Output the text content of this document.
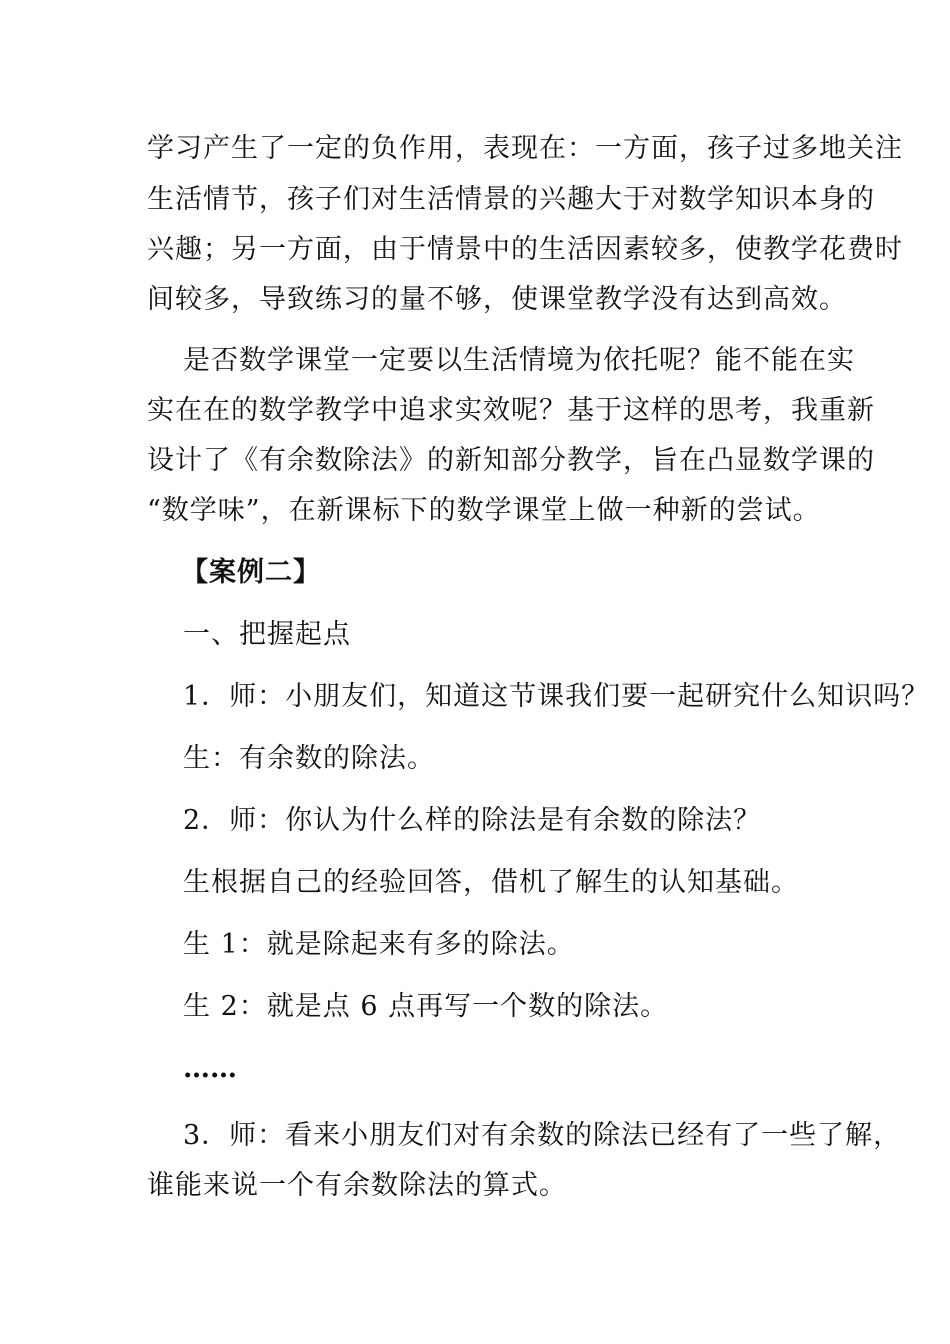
学习产生了一定的负作用，表现在：一方面，孩子过多地关注
生活情节，孩子们对生活情景的兴趣大于对数学知识本身的
兴趣；另一方面，由于情景中的生活因素较多，使教学花费时
间较多，导致练习的量不够，使课堂教学没有达到高效。
是否数学课堂一定要以生活情境为依托呢？能不能在实
实在在的数学教学中追求实效呢？基于这样的思考，我重新
设计了《有余数除法》的新知部分教学，旨在凸显数学课的
“数学味”，在新课标下的数学课堂上做一种新的尝试。
【案例二】
一、把握起点
1．师：小朋友们，知道这节课我们要一起研究什么知识吗？
生：有余数的除法。
2．师：你认为什么样的除法是有余数的除法？
生根据自己的经验回答，借机了解生的认知基础。
生 1：就是除起来有多的除法。
生 2：就是点 6 点再写一个数的除法。
……
3．师：看来小朋友们对有余数的除法已经有了一些了解，
谁能来说一个有余数除法的算式。
